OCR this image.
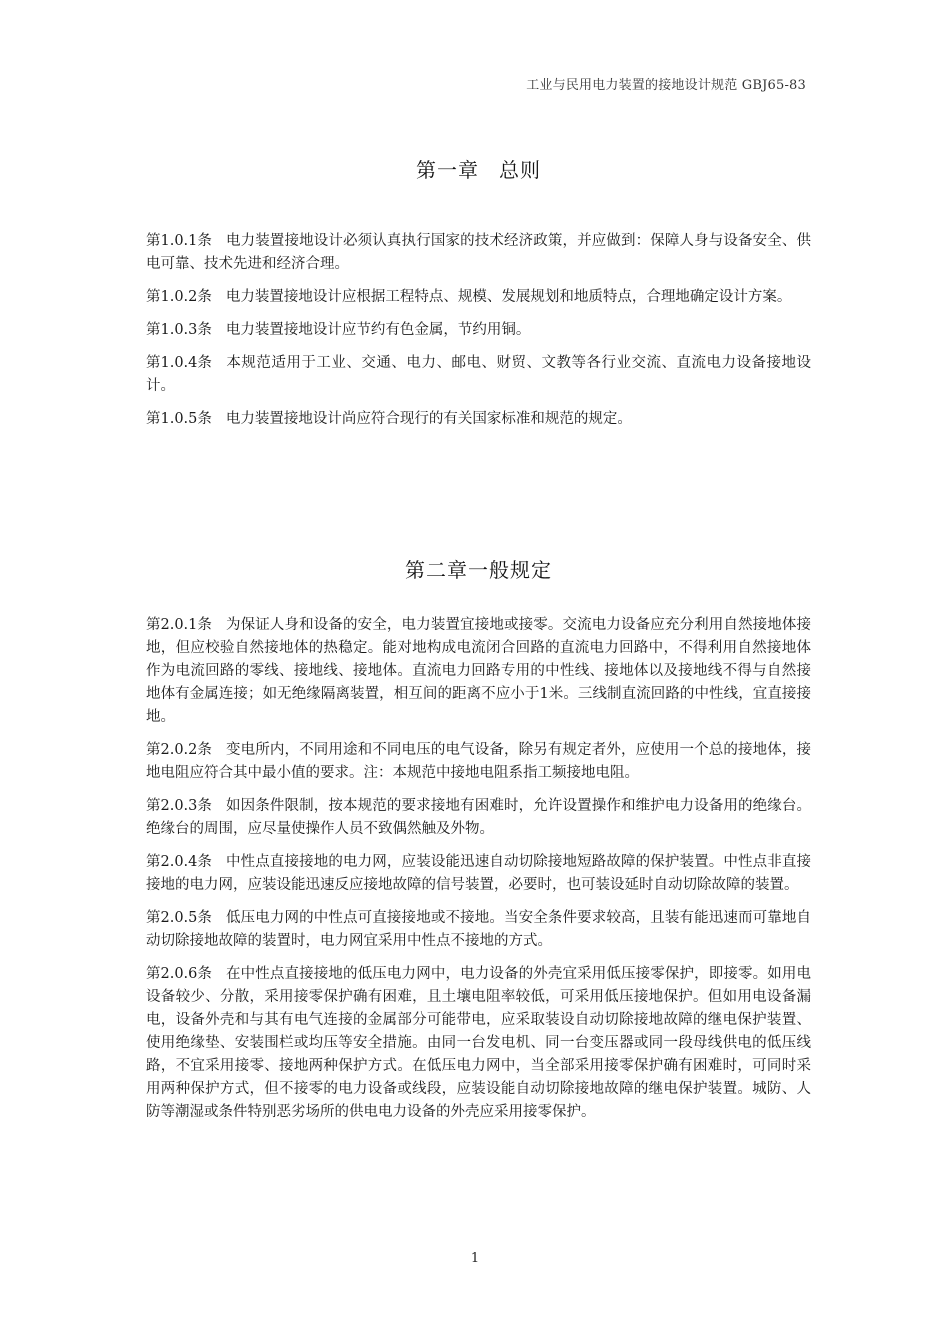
工业与民用电力装置的接地设计规范 GBJ65-83
第一章 总则

第1.0.1条 电力装置接地设计必须认真执行国家的技术经济政策，并应做到：保障人身与设备安全、供电可靠、技术先进和经济合理。

第1.0.2条 电力装置接地设计应根据工程特点、规模、发展规划和地质特点，合理地确定设计方案。

第1.0.3条 电力装置接地设计应节约有色金属，节约用铜。

第1.0.4条 本规范适用于工业、交通、电力、邮电、财贸、文教等各行业交流、直流电力设备接地设计。

第1.0.5条 电力装置接地设计尚应符合现行的有关国家标准和规范的规定。

第二章一般规定

第2.0.1条 为保证人身和设备的安全，电力装置宜接地或接零。交流电力设备应充分利用自然接地体接地，但应校验自然接地体的热稳定。能对地构成电流闭合回路的直流电力回路中，不得利用自然接地体作为电流回路的零线、接地线、接地体。直流电力回路专用的中性线、接地体以及接地线不得与自然接地体有金属连接；如无绝缘隔离装置，相互间的距离不应小于1米。三线制直流回路的中性线，宜直接接地。

第2.0.2条 变电所内，不同用途和不同电压的电气设备，除另有规定者外，应使用一个总的接地体，接地电阻应符合其中最小值的要求。注：本规范中接地电阻系指工频接地电阻。

第2.0.3条 如因条件限制，按本规范的要求接地有困难时，允许设置操作和维护电力设备用的绝缘台。绝缘台的周围，应尽量使操作人员不致偶然触及外物。

第2.0.4条 中性点直接接地的电力网，应装设能迅速自动切除接地短路故障的保护装置。中性点非直接接地的电力网，应装设能迅速反应接地故障的信号装置，必要时，也可装设延时自动切除故障的装置。

第2.0.5条 低压电力网的中性点可直接接地或不接地。当安全条件要求较高，且装有能迅速而可靠地自动切除接地故障的装置时，电力网宜采用中性点不接地的方式。

第2.0.6条 在中性点直接接地的低压电力网中，电力设备的外壳宜采用低压接零保护，即接零。如用电设备较少、分散，采用接零保护确有困难，且土壤电阻率较低，可采用低压接地保护。但如用电设备漏电，设备外壳和与其有电气连接的金属部分可能带电，应采取装设自动切除接地故障的继电保护装置、使用绝缘垫、安装围栏或均压等安全措施。由同一台发电机、同一台变压器或同一段母线供电的低压线路，不宜采用接零、接地两种保护方式。在低压电力网中，当全部采用接零保护确有困难时，可同时采用两种保护方式，但不接零的电力设备或线段，应装设能自动切除接地故障的继电保护装置。城防、人防等潮湿或条件特别恶劣场所的供电电力设备的外壳应采用接零保护。

1
